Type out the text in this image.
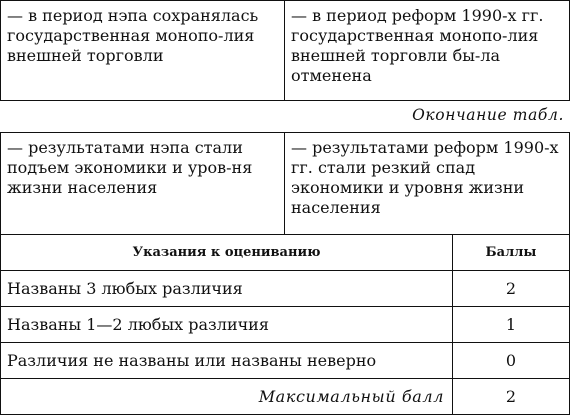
— в период нэпа сохранялась государственная монопо-лия внешней торговли	— в период реформ 1990-х гг. государственная монопо-лия внешней торговли бы-ла отменена
Окончание табл.
— результатами нэпа стали подъем экономики и уров-ня жизни населения	— результатами реформ 1990-х гг. стали резкий спад экономики и уровня жизни населения
Указания к оцениванию	Баллы
Названы 3 любых различия	2
Названы 1—2 любых различия	1
Различия не названы или названы неверно	0
Максимальный балл	2
